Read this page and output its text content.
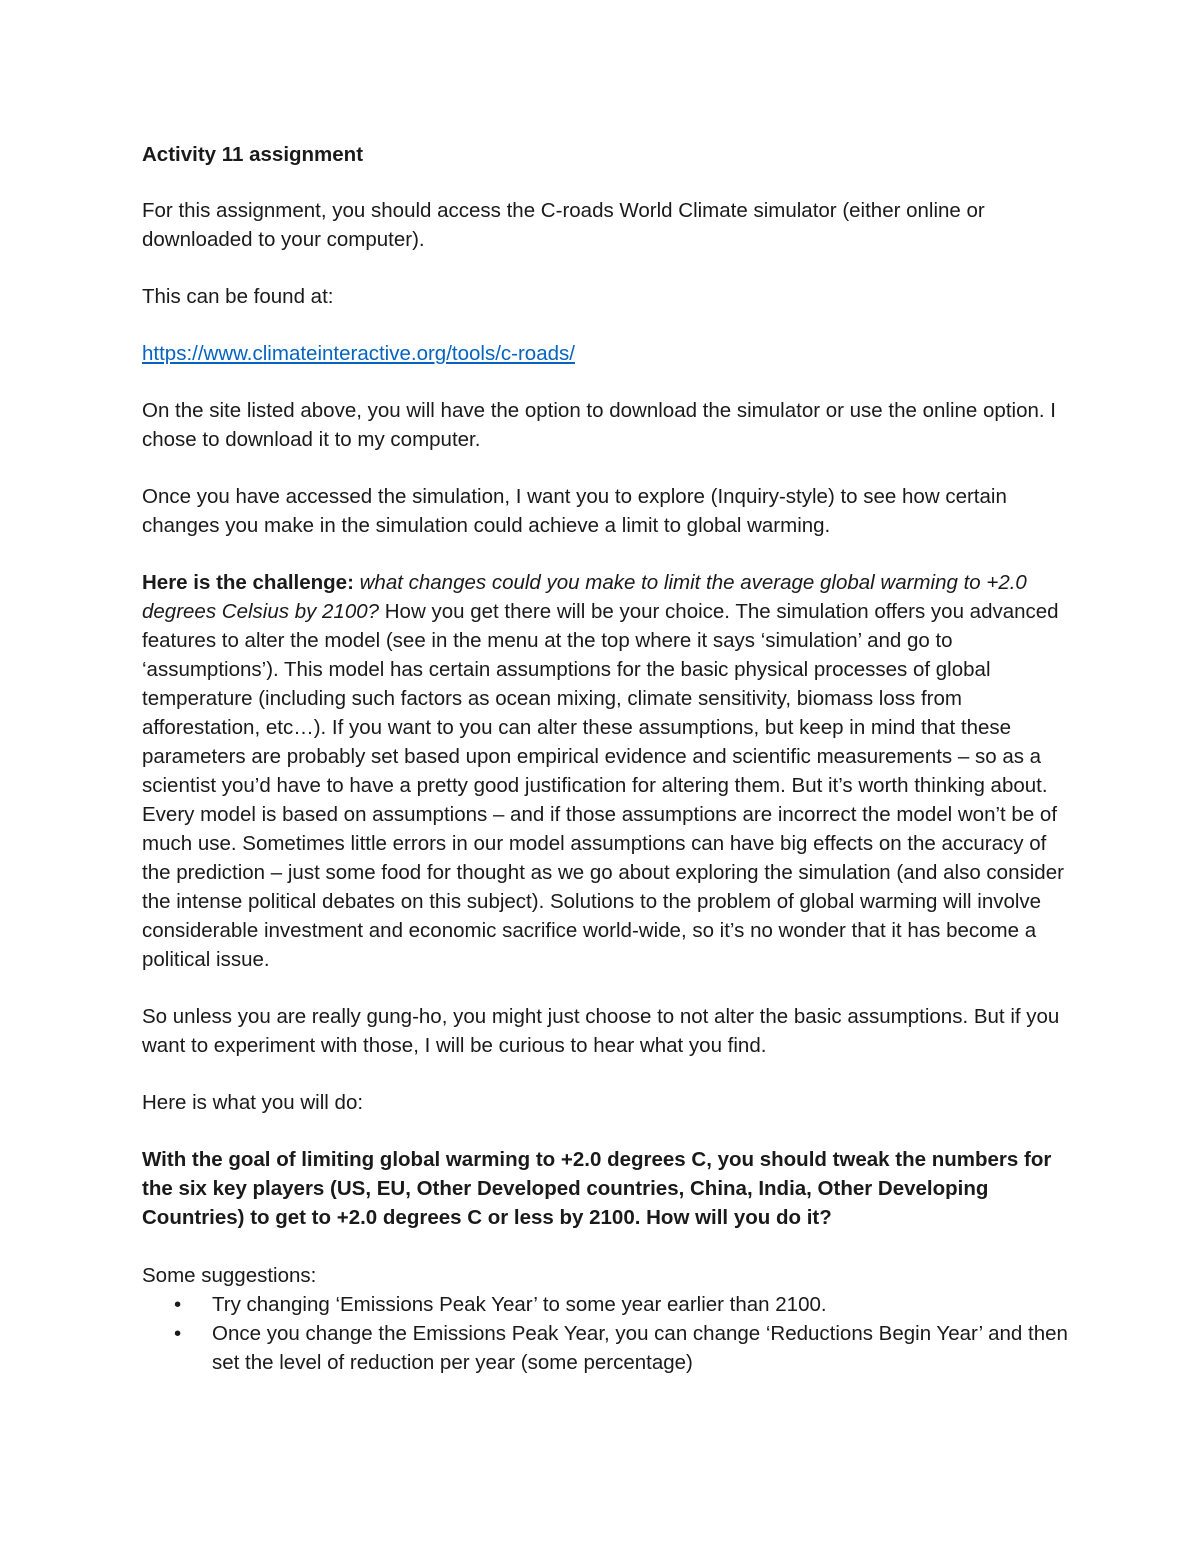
Activity 11 assignment

For this assignment, you should access the C-roads World Climate simulator (either online or downloaded to your computer).

This can be found at:

https://www.climateinteractive.org/tools/c-roads/

On the site listed above, you will have the option to download the simulator or use the online option. I chose to download it to my computer.

Once you have accessed the simulation, I want you to explore (Inquiry-style) to see how certain changes you make in the simulation could achieve a limit to global warming.

Here is the challenge: what changes could you make to limit the average global warming to +2.0 degrees Celsius by 2100? How you get there will be your choice. The simulation offers you advanced features to alter the model (see in the menu at the top where it says ‘simulation’ and go to ‘assumptions’). This model has certain assumptions for the basic physical processes of global temperature (including such factors as ocean mixing, climate sensitivity, biomass loss from afforestation, etc…). If you want to you can alter these assumptions, but keep in mind that these parameters are probably set based upon empirical evidence and scientific measurements – so as a scientist you’d have to have a pretty good justification for altering them. But it’s worth thinking about. Every model is based on assumptions – and if those assumptions are incorrect the model won’t be of much use. Sometimes little errors in our model assumptions can have big effects on the accuracy of the prediction – just some food for thought as we go about exploring the simulation (and also consider the intense political debates on this subject). Solutions to the problem of global warming will involve considerable investment and economic sacrifice world-wide, so it’s no wonder that it has become a political issue.

So unless you are really gung-ho, you might just choose to not alter the basic assumptions. But if you want to experiment with those, I will be curious to hear what you find.

Here is what you will do:

With the goal of limiting global warming to +2.0 degrees C, you should tweak the numbers for the six key players (US, EU, Other Developed countries, China, India, Other Developing Countries) to get to +2.0 degrees C or less by 2100. How will you do it?

Some suggestions:

• Try changing ‘Emissions Peak Year’ to some year earlier than 2100.
• Once you change the Emissions Peak Year, you can change ‘Reductions Begin Year’ and then set the level of reduction per year (some percentage)
